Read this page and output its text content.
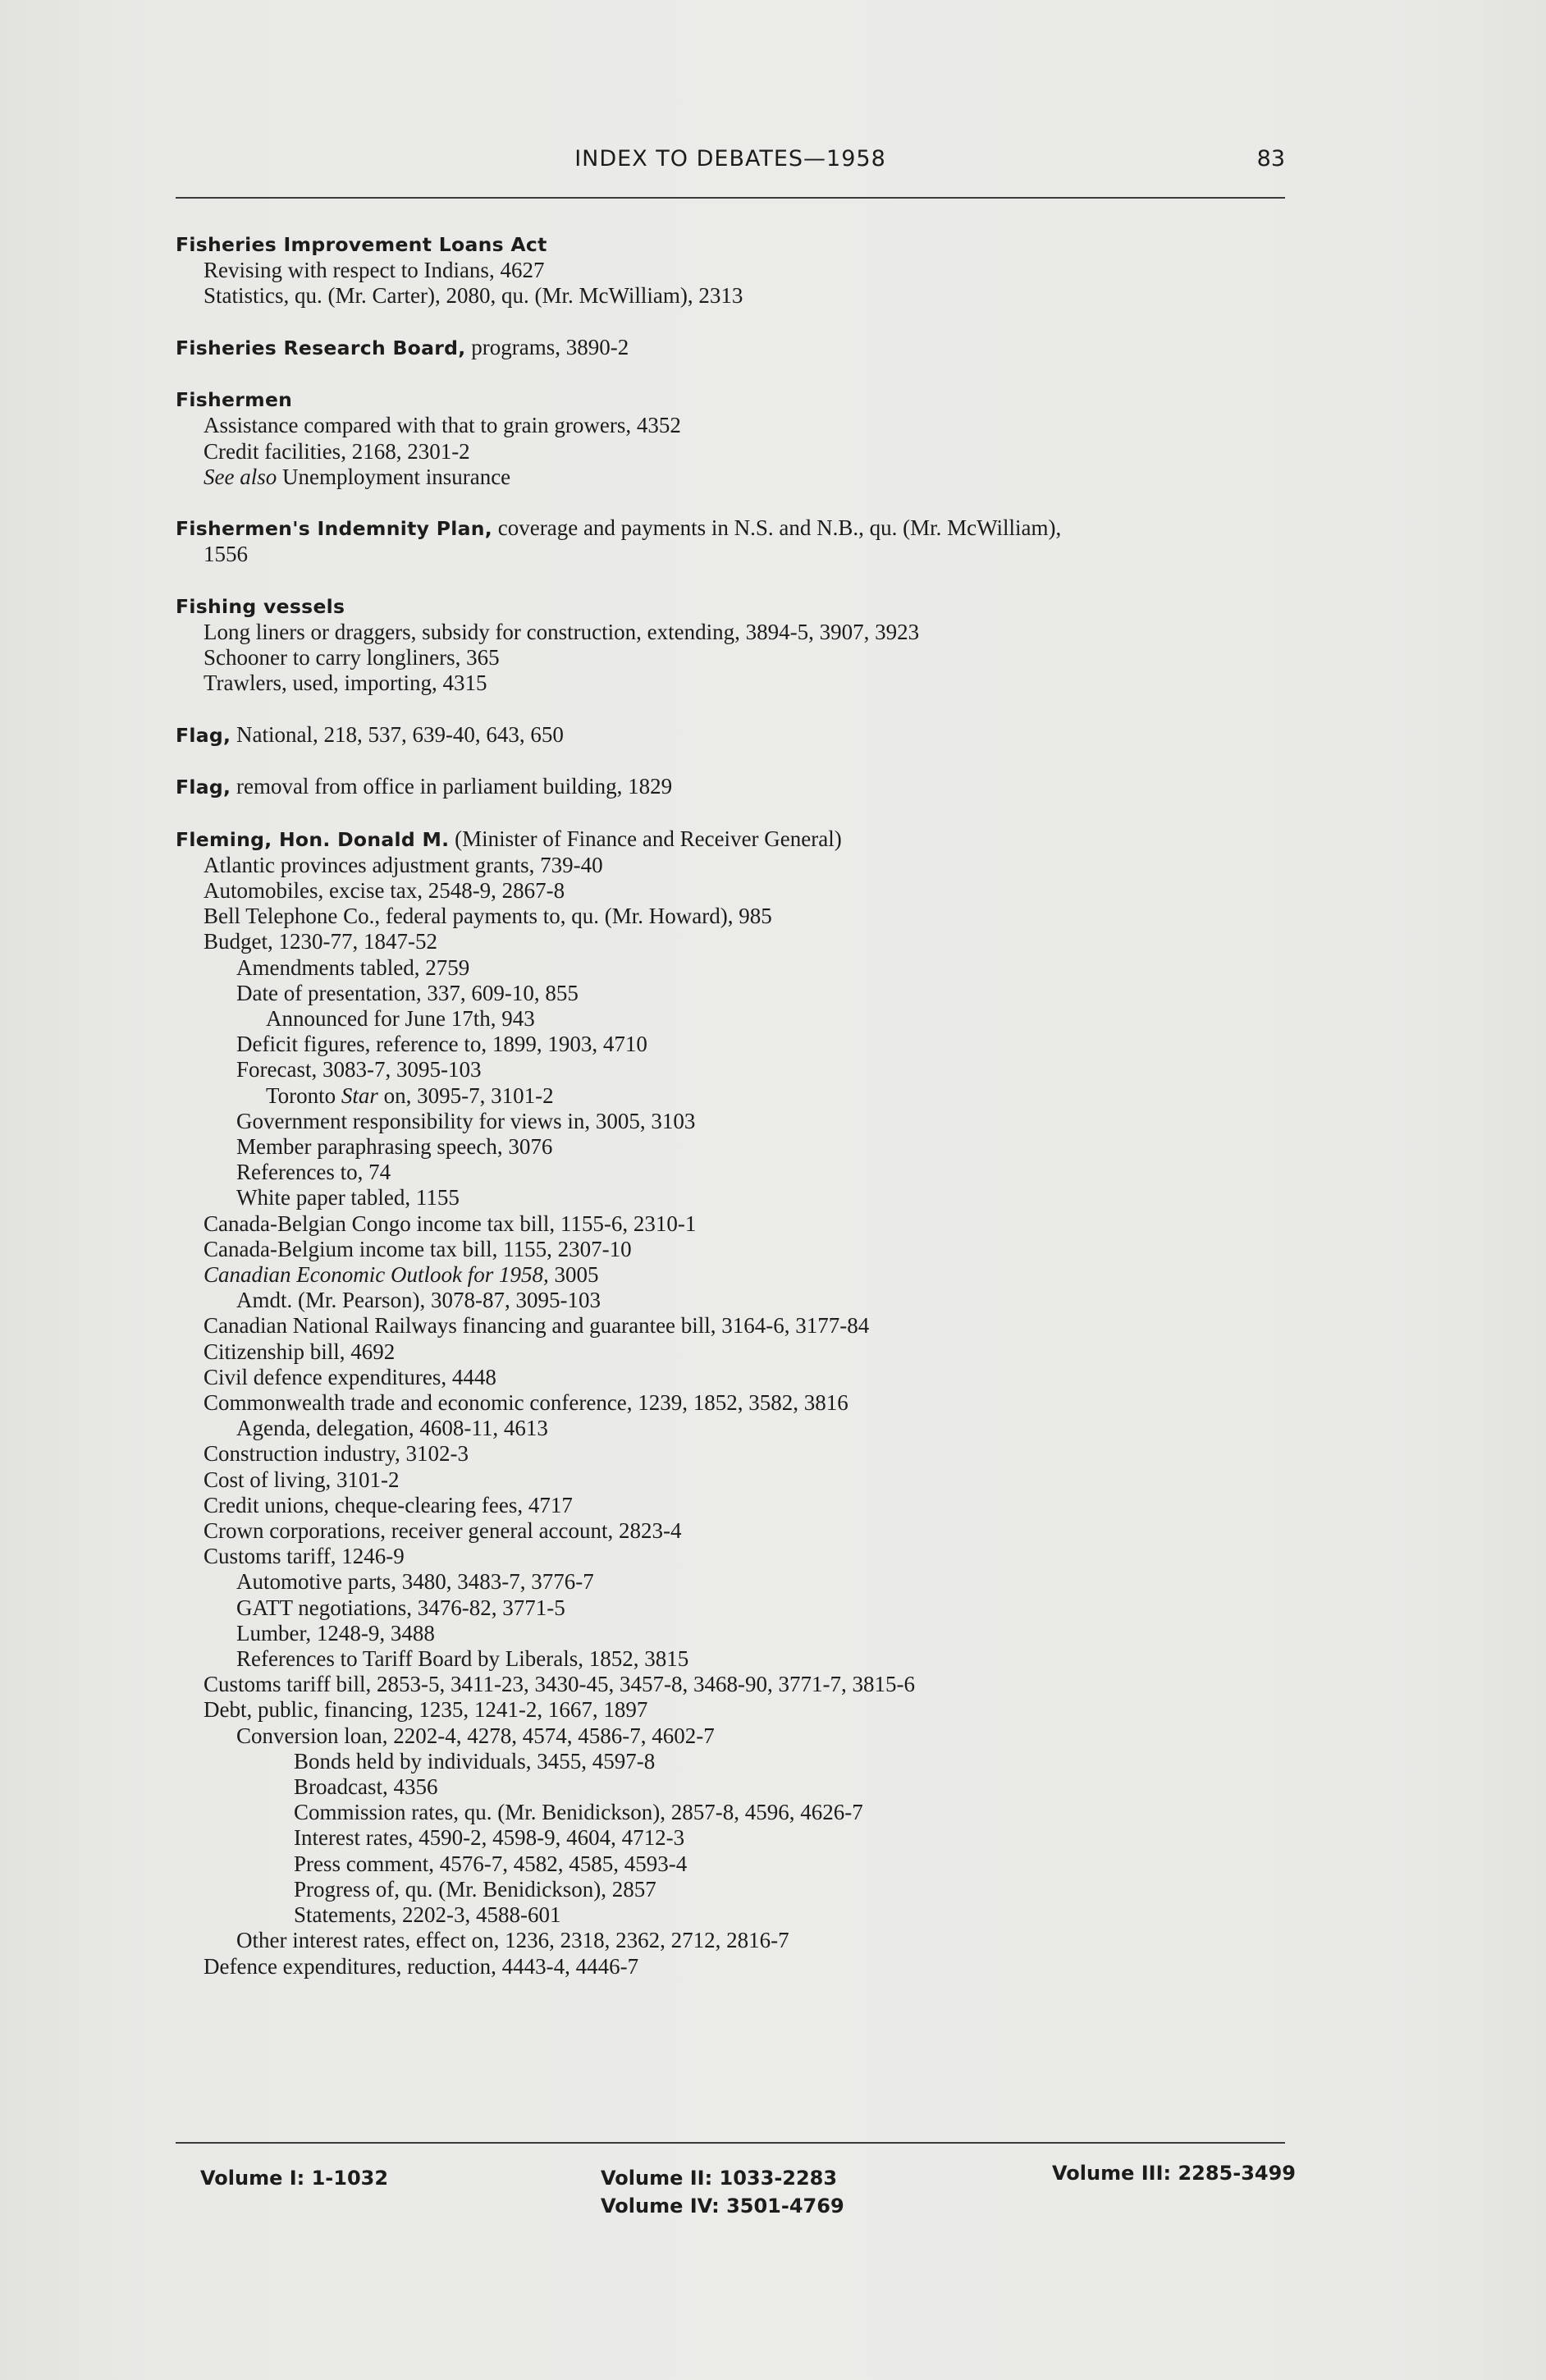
INDEX TO DEBATES—1958	83
Fisheries Improvement Loans Act
Revising with respect to Indians, 4627
Statistics, qu. (Mr. Carter), 2080, qu. (Mr. McWilliam), 2313
Fisheries Research Board, programs, 3890-2
Fishermen
Assistance compared with that to grain growers, 4352
Credit facilities, 2168, 2301-2
See also Unemployment insurance
Fishermen's Indemnity Plan, coverage and payments in N.S. and N.B., qu. (Mr. McWilliam),
1556
Fishing vessels
Long liners or draggers, subsidy for construction, extending, 3894-5, 3907, 3923
Schooner to carry longliners, 365
Trawlers, used, importing, 4315
Flag, National, 218, 537, 639-40, 643, 650
Flag, removal from office in parliament building, 1829
Fleming, Hon. Donald M. (Minister of Finance and Receiver General)
Atlantic provinces adjustment grants, 739-40
Automobiles, excise tax, 2548-9, 2867-8
Bell Telephone Co., federal payments to, qu. (Mr. Howard), 985
Budget, 1230-77, 1847-52
Amendments tabled, 2759
Date of presentation, 337, 609-10, 855
Announced for June 17th, 943
Deficit figures, reference to, 1899, 1903, 4710
Forecast, 3083-7, 3095-103
Toronto Star on, 3095-7, 3101-2
Government responsibility for views in, 3005, 3103
Member paraphrasing speech, 3076
References to, 74
White paper tabled, 1155
Canada-Belgian Congo income tax bill, 1155-6, 2310-1
Canada-Belgium income tax bill, 1155, 2307-10
Canadian Economic Outlook for 1958, 3005
Amdt. (Mr. Pearson), 3078-87, 3095-103
Canadian National Railways financing and guarantee bill, 3164-6, 3177-84
Citizenship bill, 4692
Civil defence expenditures, 4448
Commonwealth trade and economic conference, 1239, 1852, 3582, 3816
Agenda, delegation, 4608-11, 4613
Construction industry, 3102-3
Cost of living, 3101-2
Credit unions, cheque-clearing fees, 4717
Crown corporations, receiver general account, 2823-4
Customs tariff, 1246-9
Automotive parts, 3480, 3483-7, 3776-7
GATT negotiations, 3476-82, 3771-5
Lumber, 1248-9, 3488
References to Tariff Board by Liberals, 1852, 3815
Customs tariff bill, 2853-5, 3411-23, 3430-45, 3457-8, 3468-90, 3771-7, 3815-6
Debt, public, financing, 1235, 1241-2, 1667, 1897
Conversion loan, 2202-4, 4278, 4574, 4586-7, 4602-7
Bonds held by individuals, 3455, 4597-8
Broadcast, 4356
Commission rates, qu. (Mr. Benidickson), 2857-8, 4596, 4626-7
Interest rates, 4590-2, 4598-9, 4604, 4712-3
Press comment, 4576-7, 4582, 4585, 4593-4
Progress of, qu. (Mr. Benidickson), 2857
Statements, 2202-3, 4588-601
Other interest rates, effect on, 1236, 2318, 2362, 2712, 2816-7
Defence expenditures, reduction, 4443-4, 4446-7
Volume I: 1-1032	Volume II: 1033-2283
Volume IV: 3501-4769
Volume III: 2285-3499
